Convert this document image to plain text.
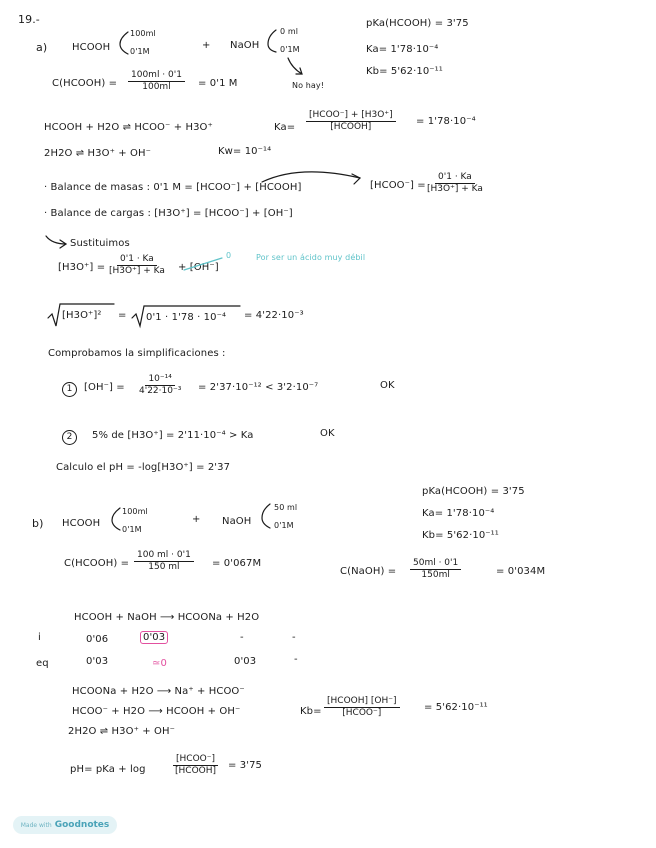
19.-
a) HCOOH
100ml
0'1M
+ NaOH
0 ml
0'1M
No hay!
pKa(HCOOH) = 3'75
Ka= 1'78·10⁻⁴
Kb= 5'62·10⁻¹¹
C(HCOOH) = $\frac{100ml \cdot 0'1}{100ml} = 0'1$ M
HCOOH + H2O ⇌ HCOO⁻ + H3O⁺	Ka=
[HCOO⁻] + [H3O⁺]
[HCOOH]	= 1'78·10⁻⁴
2H2O ⇌ H3O⁺ + OH⁻	Kw= 10⁻¹⁴
· Balance de masas : 0'1 M = [HCOO⁻] + [HCOOH]	[HCOO⁻] =
$\frac{0'1 \cdot Ka}{[H3O^+] + Ka}$
· Balance de cargas : [H3O⁺] = [HCOO⁻] + [OH⁻]
Sustituimos
$[H3O^+] = \frac{0'1 \cdot Ka}{[H3O^+] + Ka} + [OH^-]$
0	Por ser un ácido muy débil
[H3O⁺]² = 0'1 · 1'78 · 10⁻⁴ = 4'22·10⁻³
Comprobamos la simplificaciones :
1	$[OH^-] = \frac{\text{10⁻¹⁴}}{\text{4'22·10⁻³}} = 2'37\cdot 10^{-12} < 3'2\cdot 10^{-7}$	OK
2	5% de [H3O⁺] = 2'11·10⁻⁴ > Ka	OK
Calculo el pH = -log[H3O⁺] = 2'37
pKa(HCOOH) = 3'75
Ka= 1'78·10⁻⁴
Kb= 5'62·10⁻¹¹
b) HCOOH
100ml
0'1M
+ NaOH
50 ml
0'1M
C(HCOOH) = $\frac{100 ml \cdot 0'1}{150 ml} = 0'067M$
C(NaOH) = $\frac{50ml \cdot 0'1}{150ml}$	= 0'034M
HCOOH + NaOH ⟶ HCOONa + H2O
i	0'06	0'03	-	-
eq	0'03	≃0	0'03	-
HCOONa + H2O ⟶ Na⁺ + HCOO⁻
HCOO⁻ + H2O ⟶ HCOOH + OH⁻
2H2O ⇌ H3O⁺ + OH⁻
Kb=
[HCOOH] [OH⁻]
[HCOO⁻]	= 5'62·10⁻¹¹
pH= pKa + log
[HCOO⁻]
[HCOOH]	= 3'75
Made with Goodnotes
